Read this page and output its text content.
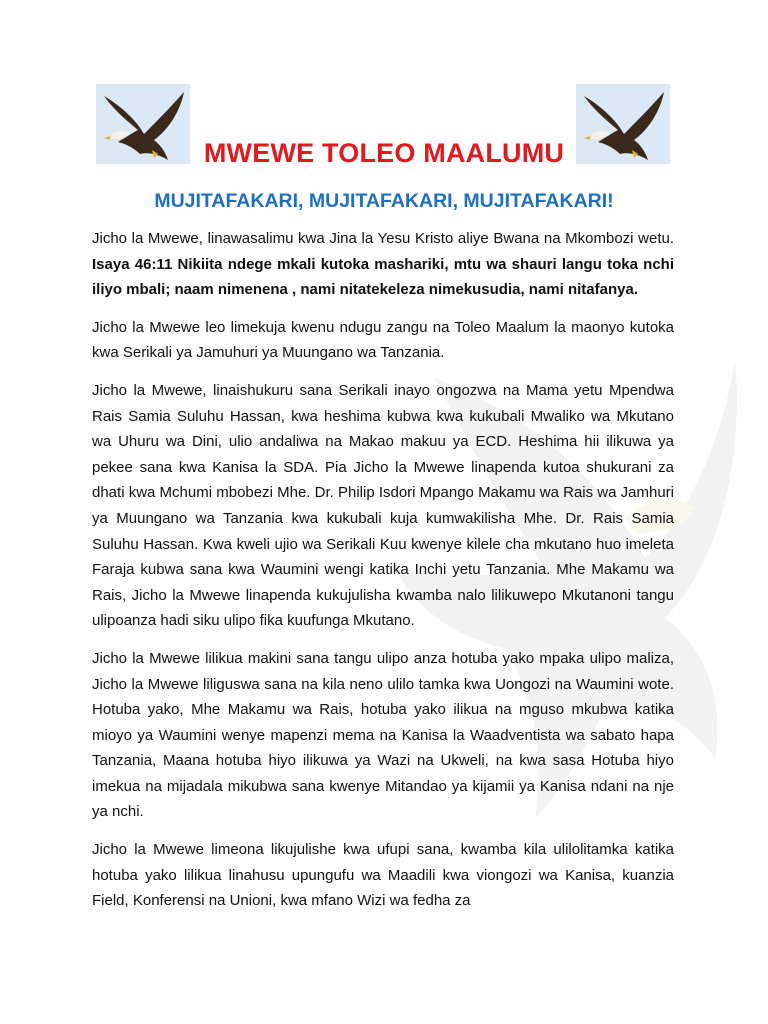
MWEWE TOLEO MAALUMU
MUJITAFAKARI, MUJITAFAKARI, MUJITAFAKARI!

Jicho la Mwewe, linawasalimu kwa Jina la Yesu Kristo aliye Bwana na Mkombozi wetu. Isaya 46:11 Nikiita ndege mkali kutoka mashariki, mtu wa shauri langu toka nchi iliyo mbali; naam nimenena , nami nitatekeleza nimekusudia, nami nitafanya.

Jicho la Mwewe leo limekuja kwenu ndugu zangu na Toleo Maalum la maonyo kutoka kwa Serikali ya Jamuhuri ya Muungano wa Tanzania.

Jicho la Mwewe, linaishukuru sana Serikali inayo ongozwa na Mama yetu Mpendwa Rais Samia Suluhu Hassan, kwa heshima kubwa kwa kukubali Mwaliko wa Mkutano wa Uhuru wa Dini, ulio andaliwa na Makao makuu ya ECD. Heshima hii ilikuwa ya pekee sana kwa Kanisa la SDA. Pia Jicho la Mwewe linapenda kutoa shukurani za dhati kwa Mchumi mbobezi Mhe. Dr. Philip Isdori Mpango Makamu wa Rais wa Jamhuri ya Muungano wa Tanzania kwa kukubali kuja kumwakilisha Mhe. Dr. Rais Samia Suluhu Hassan. Kwa kweli ujio wa Serikali Kuu kwenye kilele cha mkutano huo imeleta Faraja kubwa sana kwa Waumini wengi katika Inchi yetu Tanzania. Mhe Makamu wa Rais, Jicho la Mwewe linapenda kukujulisha kwamba nalo lilikuwepo Mkutanoni tangu ulipoanza hadi siku ulipo fika kuufunga Mkutano.

Jicho la Mwewe lilikua makini sana tangu ulipo anza hotuba yako mpaka ulipo maliza, Jicho la Mwewe liliguswa sana na kila neno ulilo tamka kwa Uongozi na Waumini wote. Hotuba yako, Mhe Makamu wa Rais, hotuba yako ilikua na mguso mkubwa katika mioyo ya Waumini wenye mapenzi mema na Kanisa la Waadventista wa sabato hapa Tanzania, Maana hotuba hiyo ilikuwa ya Wazi na Ukweli, na kwa sasa Hotuba hiyo imekua na mijadala mikubwa sana kwenye Mitandao ya kijamii ya Kanisa ndani na nje ya nchi.

Jicho la Mwewe limeona likujulishe kwa ufupi sana, kwamba kila ulilolitamka katika hotuba yako lilikua linahusu upungufu wa Maadili kwa viongozi wa Kanisa, kuanzia Field, Konferensi na Unioni, kwa mfano Wizi wa fedha za
